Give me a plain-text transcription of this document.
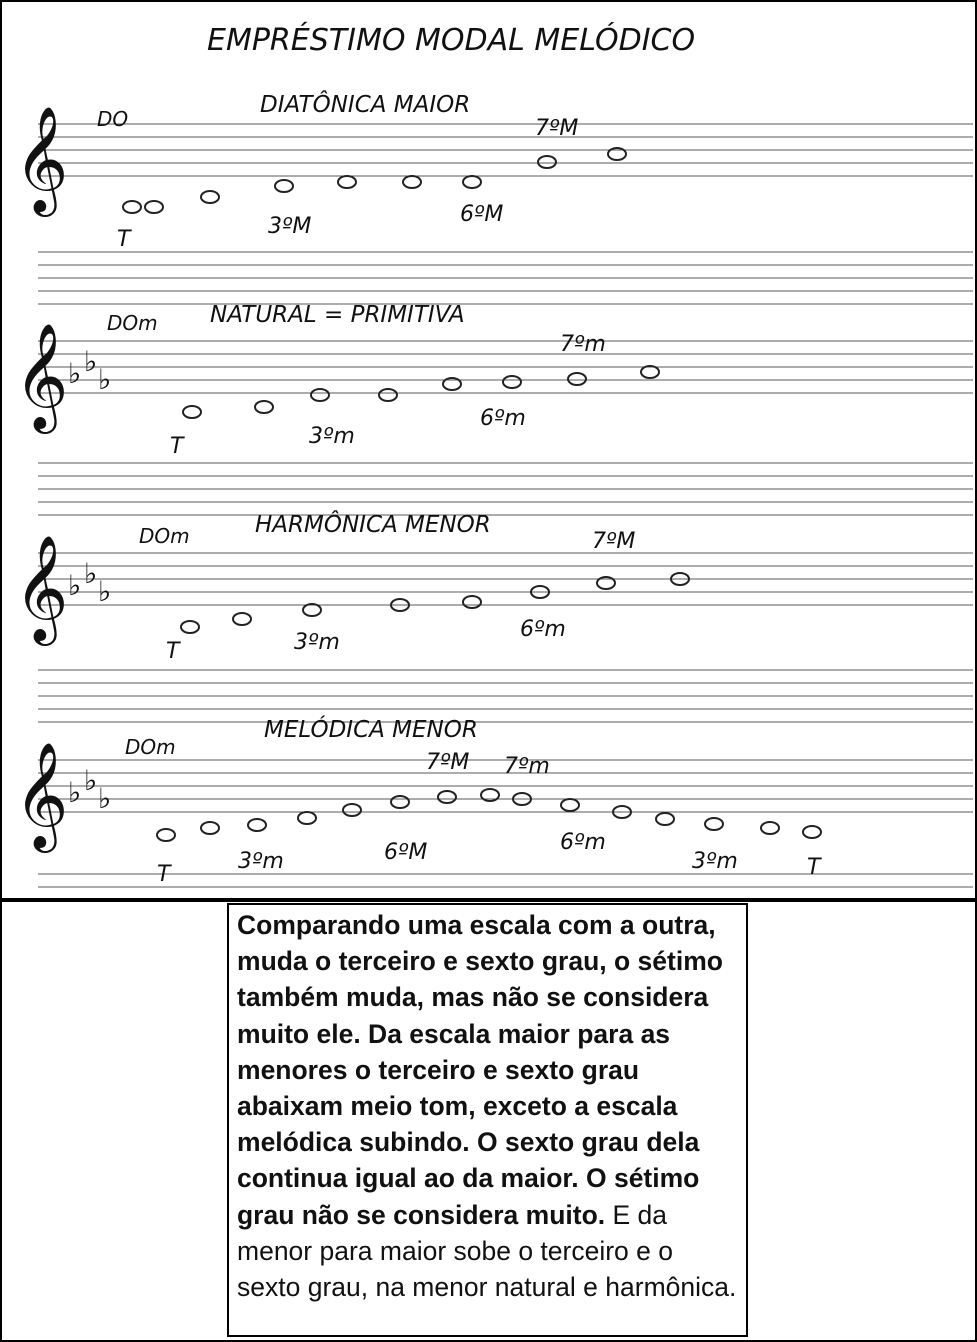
𝄞
𝄞 ♭ ♭
♭
𝄞 ♭ ♭
♭
𝄞 ♭ ♭
♭
EMPRÉSTIMO MODAL MELÓDICO
DO
DIATÔNICA MAIOR
T
3ºM	6ºM
7ºM
DOm NATURAL = PRIMITIVA
T	3ºm
6ºm
7ºm
DOm	HARMÔNICA MENOR
T	3ºm
6ºm
7ºM
DOm
MELÓDICA MENOR
T
3ºm	6ºM
7ºM 7ºm
6ºm
3ºm	T
Comparando uma escala com a outra, muda o terceiro e sexto grau, o sétimo também muda, mas não se considera muito ele. Da escala maior para as menores o terceiro e sexto grau abaixam meio tom, exceto a escala melódica subindo. O sexto grau dela continua igual ao da maior. O sétimo grau não se considera muito. E da menor para maior sobe o terceiro e o sexto grau, na menor natural e harmônica.
